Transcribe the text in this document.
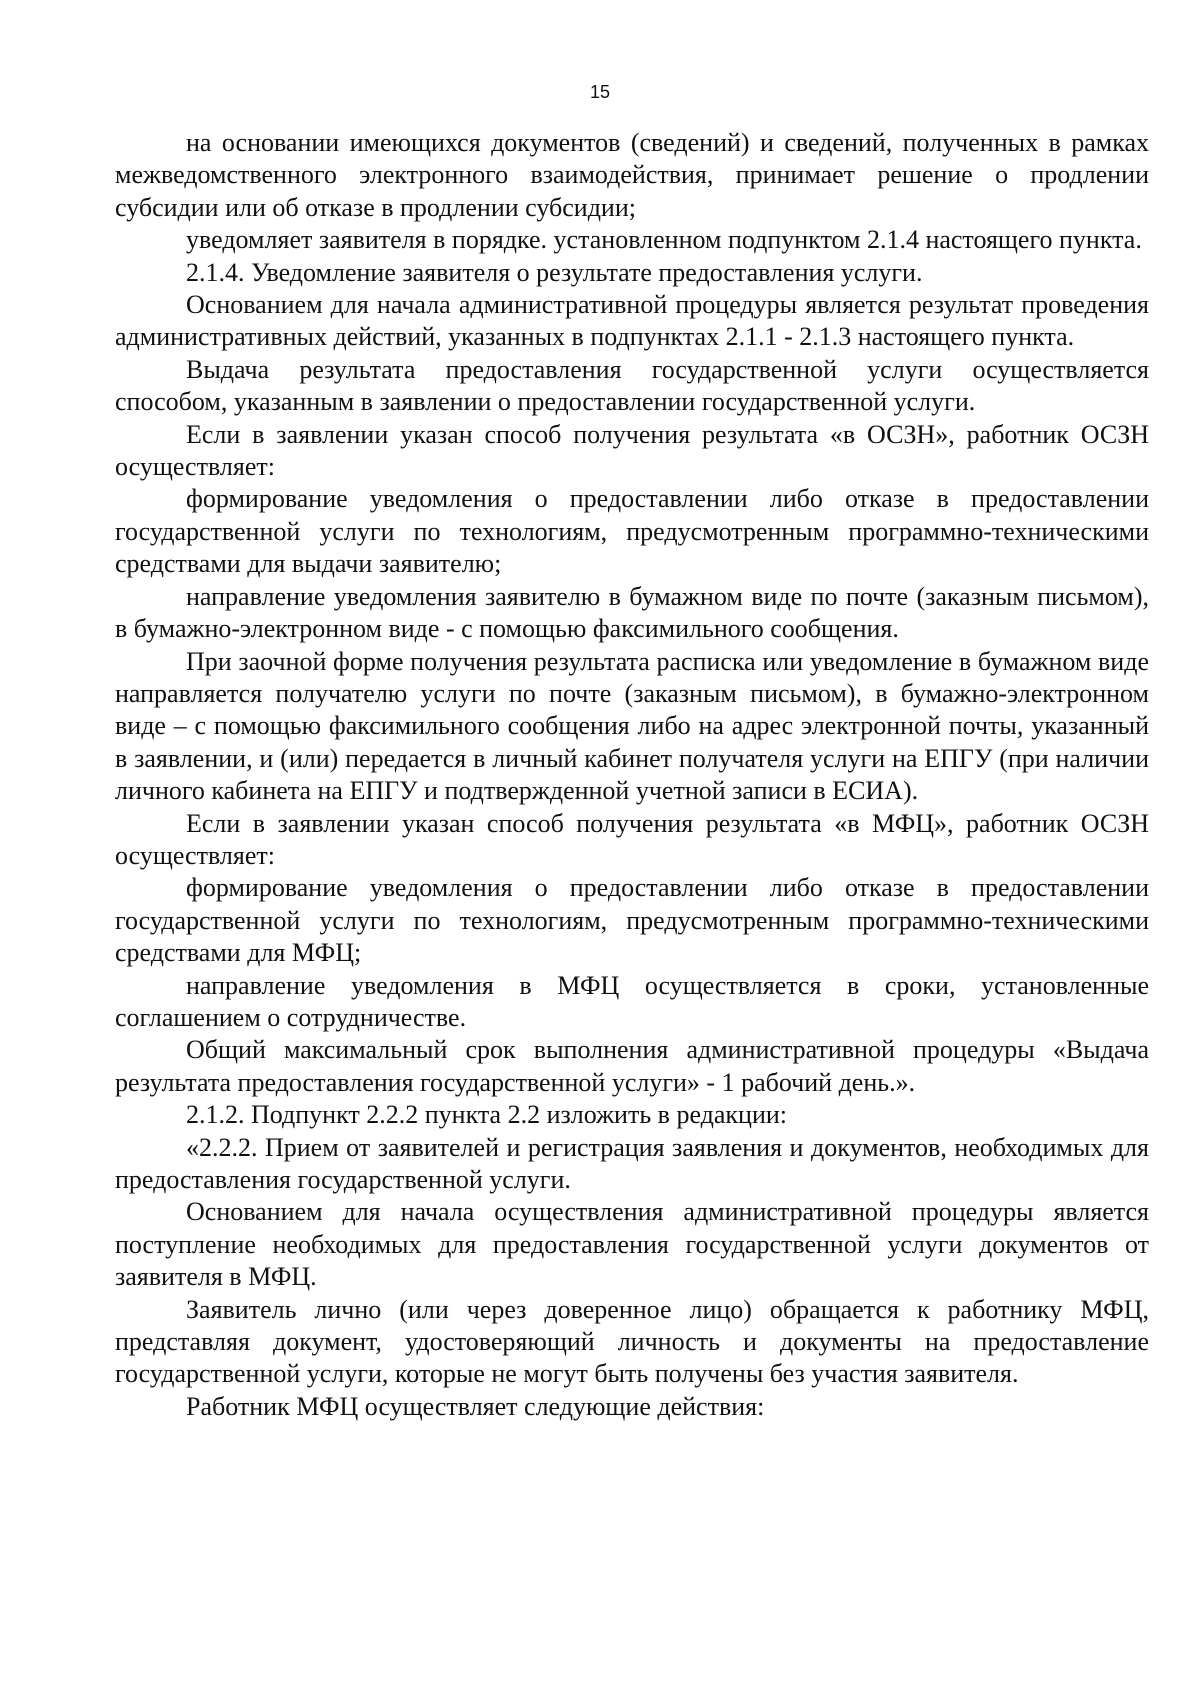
15

на основании имеющихся документов (сведений) и сведений, полученных в рамках межведомственного электронного взаимодействия, принимает решение о продлении субсидии или об отказе в продлении субсидии;

уведомляет заявителя в порядке. установленном подпунктом 2.1.4 настоящего пункта.

2.1.4. Уведомление заявителя о результате предоставления услуги.

Основанием для начала административной процедуры является результат проведения административных действий, указанных в подпунктах 2.1.1 - 2.1.3 настоящего пункта.

Выдача результата предоставления государственной услуги осуществляется способом, указанным в заявлении о предоставлении государственной услуги.

Если в заявлении указан способ получения результата «в ОСЗН», работник ОСЗН осуществляет:

формирование уведомления о предоставлении либо отказе в предоставлении государственной услуги по технологиям, предусмотренным программно-техническими средствами для выдачи заявителю;

направление уведомления заявителю в бумажном виде по почте (заказным письмом), в бумажно-электронном виде - с помощью факсимильного сообщения.

При заочной форме получения результата расписка или уведомление в бумажном виде направляется получателю услуги по почте (заказным письмом), в бумажно-электронном виде – с помощью факсимильного сообщения либо на адрес электронной почты, указанный в заявлении, и (или) передается в личный кабинет получателя услуги на ЕПГУ (при наличии личного кабинета на ЕПГУ и подтвержденной учетной записи в ЕСИА).

Если в заявлении указан способ получения результата «в МФЦ», работник ОСЗН осуществляет:

формирование уведомления о предоставлении либо отказе в предоставлении государственной услуги по технологиям, предусмотренным программно-техническими средствами для МФЦ;

направление уведомления в МФЦ осуществляется в сроки, установленные соглашением о сотрудничестве.

Общий максимальный срок выполнения административной процедуры «Выдача результата предоставления государственной услуги» - 1 рабочий день.».

2.1.2. Подпункт 2.2.2 пункта 2.2 изложить в редакции:

«2.2.2. Прием от заявителей и регистрация заявления и документов, необходимых для предоставления государственной услуги.

Основанием для начала осуществления административной процедуры является поступление необходимых для предоставления государственной услуги документов от заявителя в МФЦ.

Заявитель лично (или через доверенное лицо) обращается к работнику МФЦ, представляя документ, удостоверяющий личность и документы на предоставление государственной услуги, которые не могут быть получены без участия заявителя.

Работник МФЦ осуществляет следующие действия:
